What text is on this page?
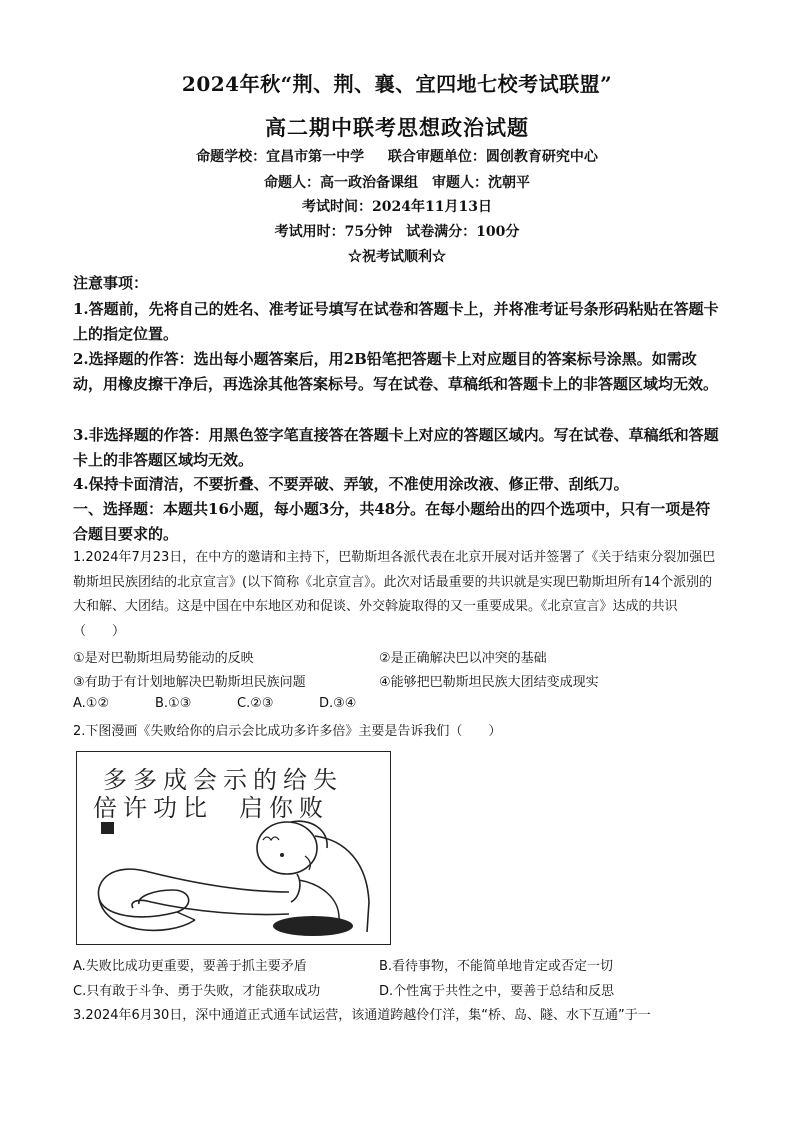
2024年秋“荆、荆、襄、宜四地七校考试联盟”
高二期中联考思想政治试题
命题学校：宜昌市第一中学 　 联合审题单位：圆创教育研究中心
命题人：高一政治备课组　审题人：沈朝平
考试时间：2024年11月13日
考试用时：75分钟　试卷满分：100分
☆祝考试顺利☆
注意事项：
1.答题前，先将自己的姓名、准考证号填写在试卷和答题卡上，并将准考证号条形码粘贴在答题卡上的指定位置。
2.选择题的作答：选出每小题答案后，用2B铅笔把答题卡上对应题目的答案标号涂黑。如需改动，用橡皮擦干净后，再选涂其他答案标号。写在试卷、草稿纸和答题卡上的非答题区域均无效。
3.非选择题的作答：用黑色签字笔直接答在答题卡上对应的答题区域内。写在试卷、草稿纸和答题卡上的非答题区域均无效。
4.保持卡面清洁，不要折叠、不要弄破、弄皱，不准使用涂改液、修正带、刮纸刀。
一、选择题：本题共16小题，每小题3分，共48分。在每小题给出的四个选项中，只有一项是符合题目要求的。
1.2024年7月23日，在中方的邀请和主持下，巴勒斯坦各派代表在北京开展对话并签署了《关于结束分裂加强巴勒斯坦民族团结的北京宣言》(以下简称《北京宣言》。此次对话最重要的共识就是实现巴勒斯坦所有14个派别的大和解、大团结。这是中国在中东地区劝和促谈、外交斡旋取得的又一重要成果。《北京宣言》达成的共识（　　）
①是对巴勒斯坦局势能动的反映	②是正确解决巴以冲突的基础
③有助于有计划地解决巴勒斯坦民族问题	④能够把巴勒斯坦民族大团结变成现实
A.①②	B.①③	C.②③	D.③④
2.下图漫画《失败给你的启示会比成功多许多倍》主要是告诉我们（　　）
多多成会示的给失
倍许功比 启你败
A.失败比成功更重要，要善于抓主要矛盾	B.看待事物，不能简单地肯定或否定一切
C.只有敢于斗争、勇于失败，才能获取成功	D.个性寓于共性之中，要善于总结和反思
3.2024年6月30日，深中通道正式通车试运营，该通道跨越伶仃洋，集“桥、岛、隧、水下互通”于一
